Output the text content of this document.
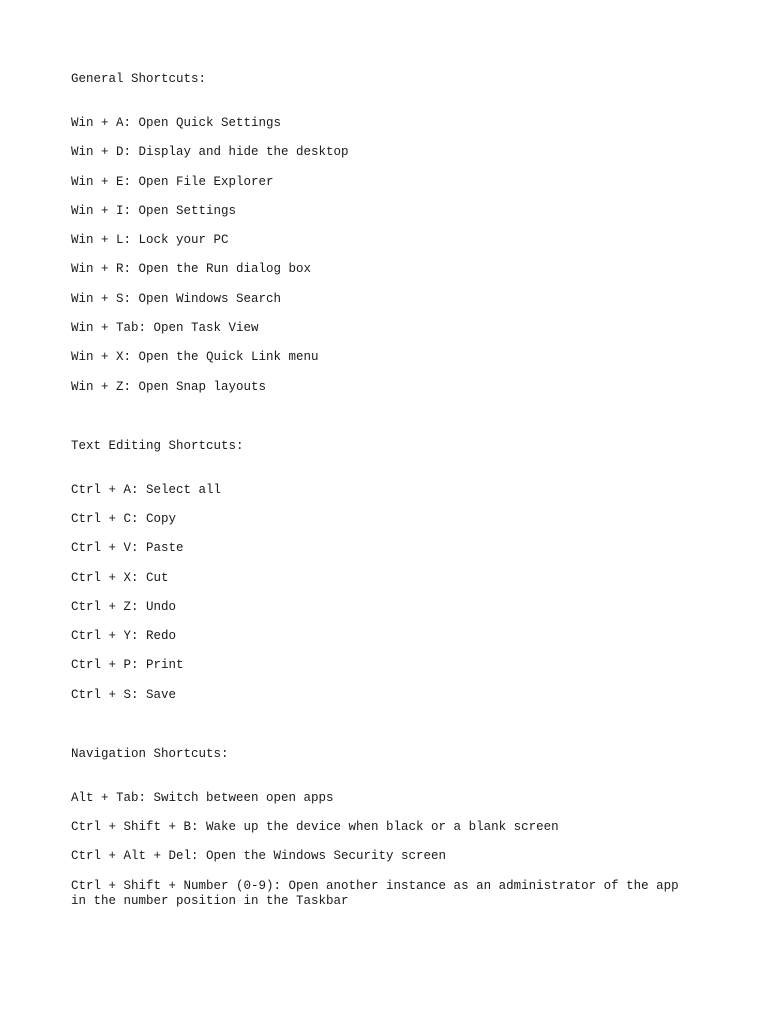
General Shortcuts:
Win + A: Open Quick Settings
Win + D: Display and hide the desktop
Win + E: Open File Explorer
Win + I: Open Settings
Win + L: Lock your PC
Win + R: Open the Run dialog box
Win + S: Open Windows Search
Win + Tab: Open Task View
Win + X: Open the Quick Link menu
Win + Z: Open Snap layouts
Text Editing Shortcuts:
Ctrl + A: Select all
Ctrl + C: Copy
Ctrl + V: Paste
Ctrl + X: Cut
Ctrl + Z: Undo
Ctrl + Y: Redo
Ctrl + P: Print
Ctrl + S: Save
Navigation Shortcuts:
Alt + Tab: Switch between open apps
Ctrl + Shift + B: Wake up the device when black or a blank screen
Ctrl + Alt + Del: Open the Windows Security screen
Ctrl + Shift + Number (0-9): Open another instance as an administrator of the app in the number position in the Taskbar
